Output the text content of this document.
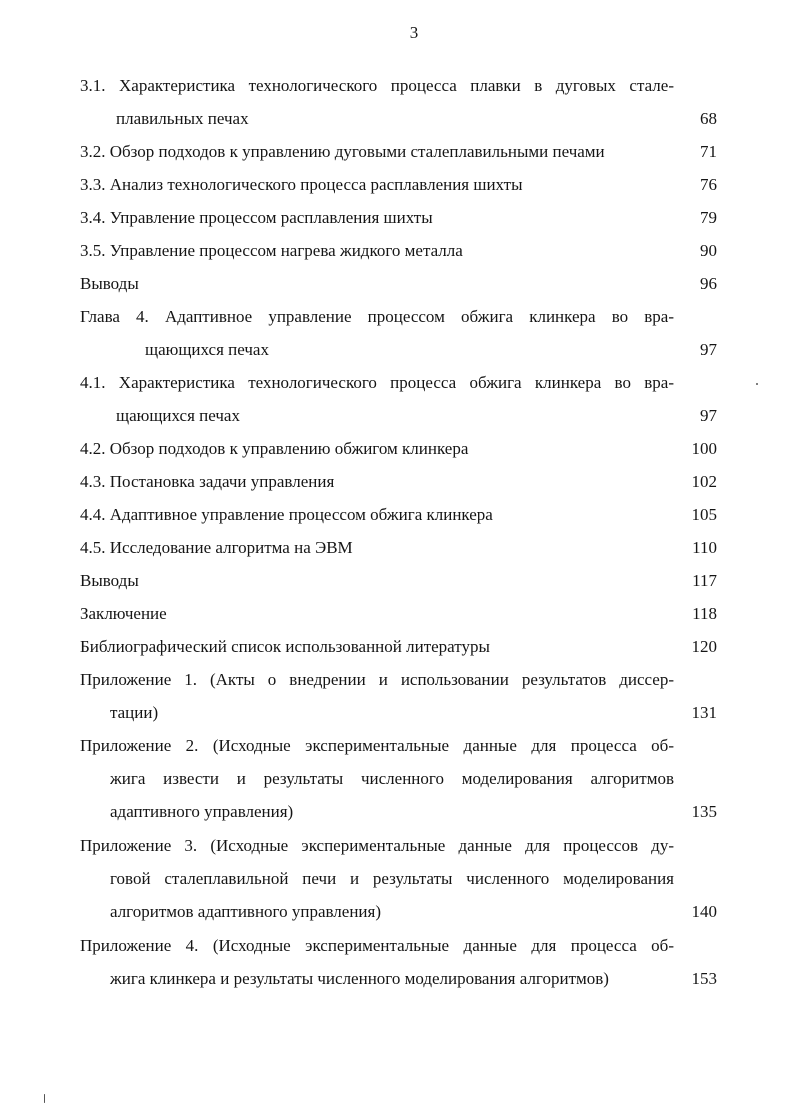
3
3.1. Характеристика технологического процесса плавки в дуговых стале-
плавильных печах	68
3.2. Обзор подходов к управлению дуговыми сталеплавильными печами	71
3.3. Анализ технологического процесса расплавления шихты	76
3.4. Управление процессом расплавления шихты	79
3.5. Управление процессом нагрева жидкого металла	90
Выводы	96
Глава 4. Адаптивное управление процессом обжига клинкера во вра-
щающихся печах	97
4.1. Характеристика технологического процесса обжига клинкера во вра-
щающихся печах	97
4.2. Обзор подходов к управлению обжигом клинкера	100
4.3. Постановка задачи управления	102
4.4. Адаптивное управление процессом обжига клинкера	105
4.5. Исследование алгоритма на ЭВМ	110
Выводы	117
Заключение	118
Библиографический список использованной литературы	120
Приложение 1. (Акты о внедрении и использовании результатов диссер-
тации)	131
Приложение 2. (Исходные экспериментальные данные для процесса об-
жига извести и результаты численного моделирования алгоритмов
адаптивного управления)	135
Приложение 3. (Исходные экспериментальные данные для процессов ду-
говой сталеплавильной печи и результаты численного моделирования
алгоритмов адаптивного управления)	140
Приложение 4. (Исходные экспериментальные данные для процесса об-
жига клинкера и результаты численного моделирования алгоритмов)	153
